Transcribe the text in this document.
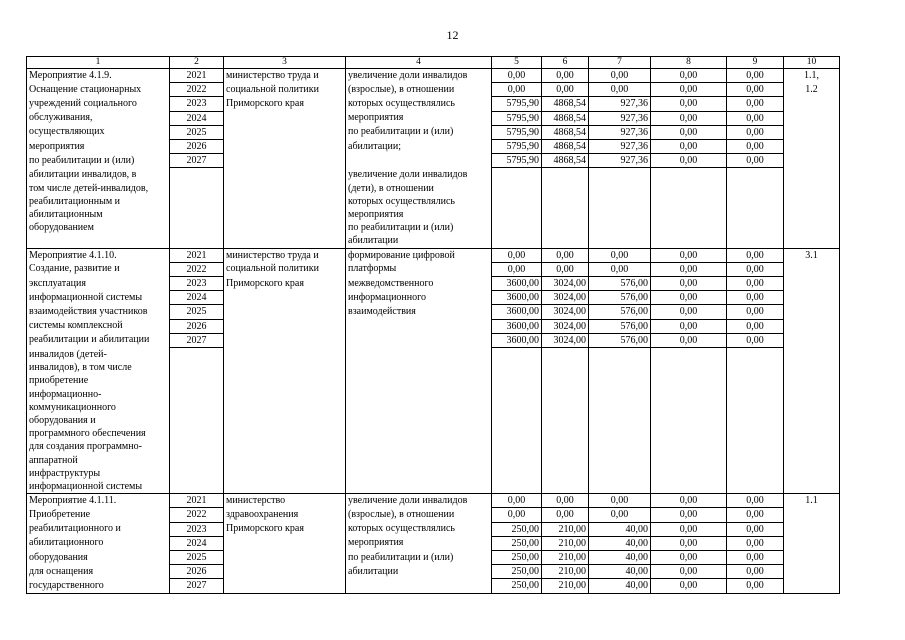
12
1	2	3	4	5	6	7	8	9	10
Мероприятие 4.1.9.	2021	министерство труда и	увеличение доли инвалидов	0,00	0,00	0,00	0,00	0,00	1.1,
Оснащение стационарных	2022	социальной политики	(взрослые), в отношении	0,00	0,00	0,00	0,00	0,00	1.2
учреждений социального	2023	Приморского края	которых осуществлялись	5795,90	4868,54	927,36	0,00	0,00	
обслуживания,	2024		мероприятия	5795,90	4868,54	927,36	0,00	0,00	
осуществляющих	2025		по реабилитации и (или)	5795,90	4868,54	927,36	0,00	0,00	
мероприятия	2026		абилитации;	5795,90	4868,54	927,36	0,00	0,00	
по реабилитации и (или)	2027			5795,90	4868,54	927,36	0,00	0,00	
абилитации инвалидов, в			увеличение доли инвалидов						
том числе детей-инвалидов,			(дети), в отношении						
реабилитационным и			которых осуществлялись						
абилитационным			мероприятия						
оборудованием			по реабилитации и (или)						
			абилитации						
Мероприятие 4.1.10.	2021	министерство труда и	формирование цифровой	0,00	0,00	0,00	0,00	0,00	3.1
Создание, развитие и	2022	социальной политики	платформы	0,00	0,00	0,00	0,00	0,00	
эксплуатация	2023	Приморского края	межведомственного	3600,00	3024,00	576,00	0,00	0,00	
информационной системы	2024		информационного	3600,00	3024,00	576,00	0,00	0,00	
взаимодействия участников	2025		взаимодействия	3600,00	3024,00	576,00	0,00	0,00	
системы комплексной	2026			3600,00	3024,00	576,00	0,00	0,00	
реабилитации и абилитации	2027			3600,00	3024,00	576,00	0,00	0,00	
инвалидов (детей-									
инвалидов), в том числе									
приобретение									
информационно-									
коммуникационного									
оборудования и									
программного обеспечения									
для создания программно-									
аппаратной									
инфраструктуры									
информационной системы									
Мероприятие 4.1.11.	2021	министерство	увеличение доли инвалидов	0,00	0,00	0,00	0,00	0,00	1.1
Приобретение	2022	здравоохранения	(взрослые), в отношении	0,00	0,00	0,00	0,00	0,00	
реабилитационного и	2023	Приморского края	которых осуществлялись	250,00	210,00	40,00	0,00	0,00	
абилитационного	2024		мероприятия	250,00	210,00	40,00	0,00	0,00	
оборудования	2025		по реабилитации и (или)	250,00	210,00	40,00	0,00	0,00	
для оснащения	2026		абилитации	250,00	210,00	40,00	0,00	0,00	
государственного	2027			250,00	210,00	40,00	0,00	0,00	
